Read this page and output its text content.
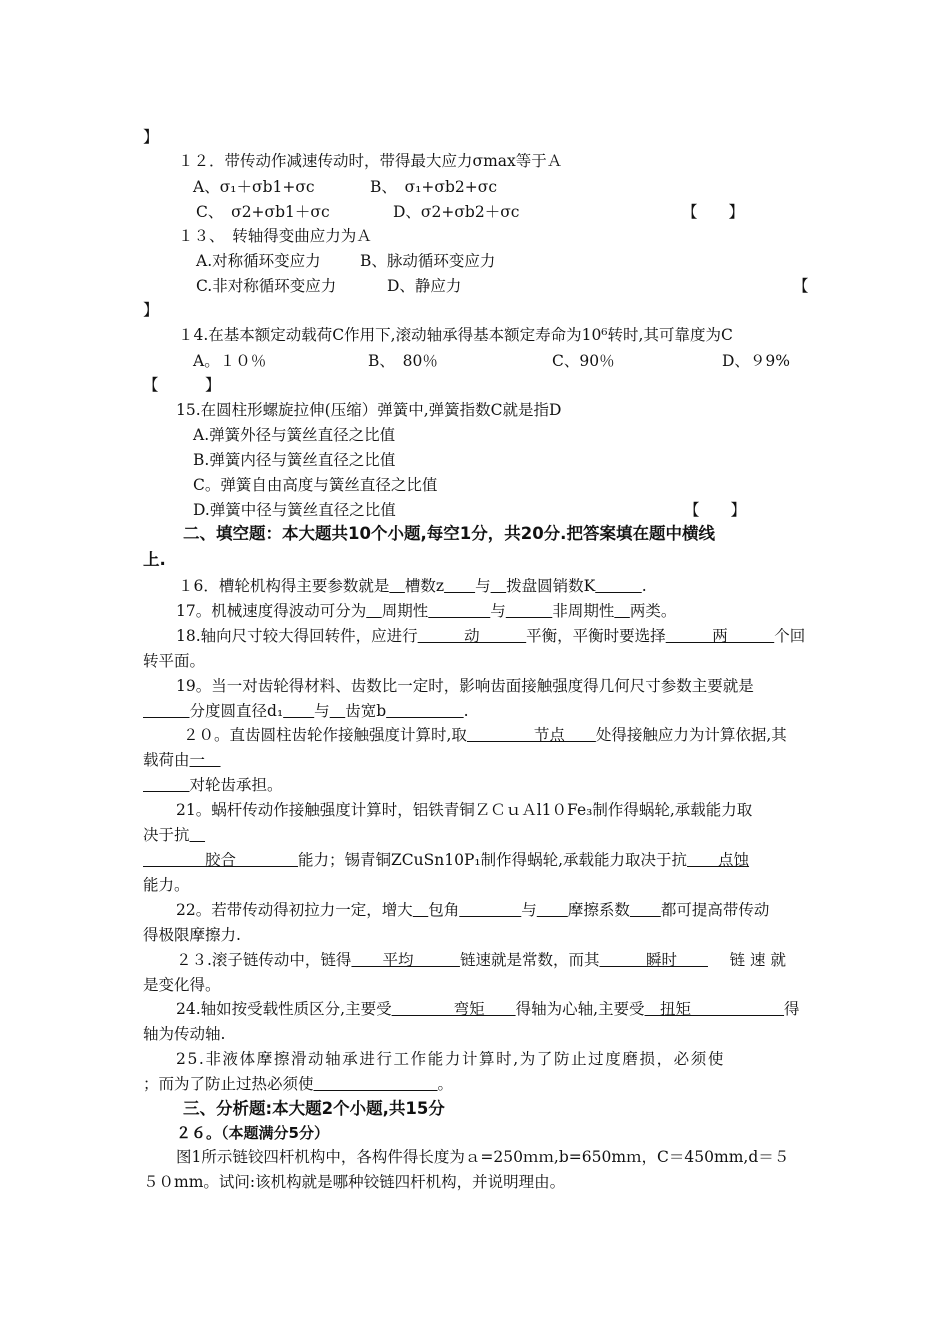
】
１２．带传动作减速传动时，带得最大应力σmax等于Ａ
A、σ₁＋σb1+σc	B、　σ₁+σb2+σc
C、　σ2+σb1＋σc	D、σ2+σb2＋σc	【　　】
１３、　转轴得变曲应力为Ａ
A.对称循环变应力	B、脉动循环变应力
C.非对称循环变应力	D、静应力	【
】
１4.在基本额定动载荷C作用下,滚动轴承得基本额定寿命为10⁶转时,其可靠度为C
A。１０％	B、　80％	C、90％	D、９9%
【　　　】
15.在圆柱形螺旋拉伸(压缩）弹簧中,弹簧指数C就是指D
A.弹簧外径与簧丝直径之比值
B.弹簧内径与簧丝直径之比值
C。弹簧自由高度与簧丝直径之比值
D.弹簧中径与簧丝直径之比值	【　　】
二、填空题：本大题共10个小题,每空1分，共20分.把答案填在题中横线
上.
１6．槽轮机构得主要参数就是　 槽数z　　 与　 拨盘圆销数K　　　	.
17。机械速度得波动可分为　 周期性　　　　	与　　　	非周期性　 两类。
18.轴向尺寸较大得回转件，应进行　　　动　　　平衡，平衡时要选择　　　两　　　个回
转平面。
19。当一对齿轮得材料、齿数比一定时，影响齿面接触强度得几何尺寸参数主要就是
　　　分度圆直径d₁　　 与　 齿宽b　　　　　	.
２０。直齿圆柱齿轮作接触强度计算时,取　　　　 节点　　处得接触应力为计算依据,其
载荷由一　
　　　对轮齿承担。
21。蜗杆传动作接触强度计算时，铝铁青铜ＺＣｕＡl1０Fe₃制作得蜗轮,承载能力取
决于抗　
　　　　胶合　　　　能力；锡青铜ZCuSn10P₁制作得蜗轮,承载能力取决于抗　　点蚀
能力。
22。若带传动得初拉力一定，增大　 包角　　　　	与　　 摩擦系数　　 都可提高带传动
得极限摩擦力.
２３.滚子链传动中，链得　　平均　　　链速就是常数，而其　　　瞬时　　　链速就
是变化得。
24.轴如按受载性质区分,主要受　　　　弯矩　　得轴为心轴,主要受　扭矩　　　　　　得
轴为传动轴.
25.非液体摩擦滑动轴承进行工作能力计算时,为了防止过度磨损，必须使
；而为了防止过热必须使　　　　　　　　	。
三、分析题:本大题2个小题,共15分
２６。（本题满分5分）
图1所示链铰四杆机构中，各构件得长度为ａ=250ｍｍ,b=650mｍ，C＝450mm,d＝５
５０mm。试问:该机构就是哪种铰链四杆机构，并说明理由。
